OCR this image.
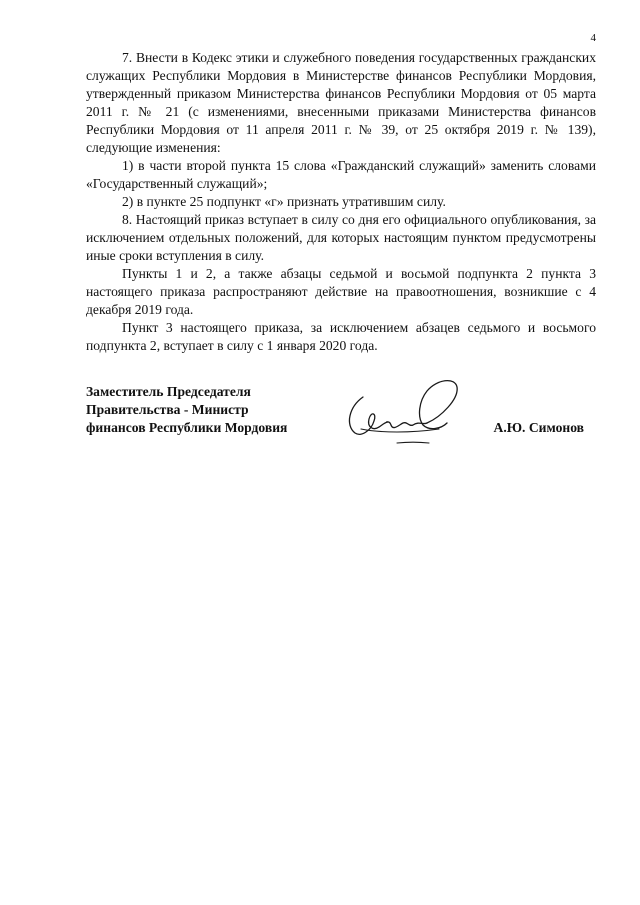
4

7. Внести в Кодекс этики и служебного поведения государственных гражданских служащих Республики Мордовия в Министерстве финансов Республики Мордовия, утвержденный приказом Министерства финансов Республики Мордовия от 05 марта 2011 г. № 21 (с изменениями, внесенными приказами Министерства финансов Республики Мордовия от 11 апреля 2011 г. № 39, от 25 октября 2019 г. № 139), следующие изменения:

1) в части второй пункта 15 слова «Гражданский служащий» заменить словами «Государственный служащий»;

2) в пункте 25 подпункт «г» признать утратившим силу.

8. Настоящий приказ вступает в силу со дня его официального опубликования, за исключением отдельных положений, для которых настоящим пунктом предусмотрены иные сроки вступления в силу.

Пункты 1 и 2, а также абзацы седьмой и восьмой подпункта 2 пункта 3 настоящего приказа распространяют действие на правоотношения, возникшие с 4 декабря 2019 года.

Пункт 3 настоящего приказа, за исключением абзацев седьмого и восьмого подпункта 2, вступает в силу с 1 января 2020 года.

Заместитель Председателя
Правительства - Министр
финансов Республики Мордовия	А.Ю. Симонов
